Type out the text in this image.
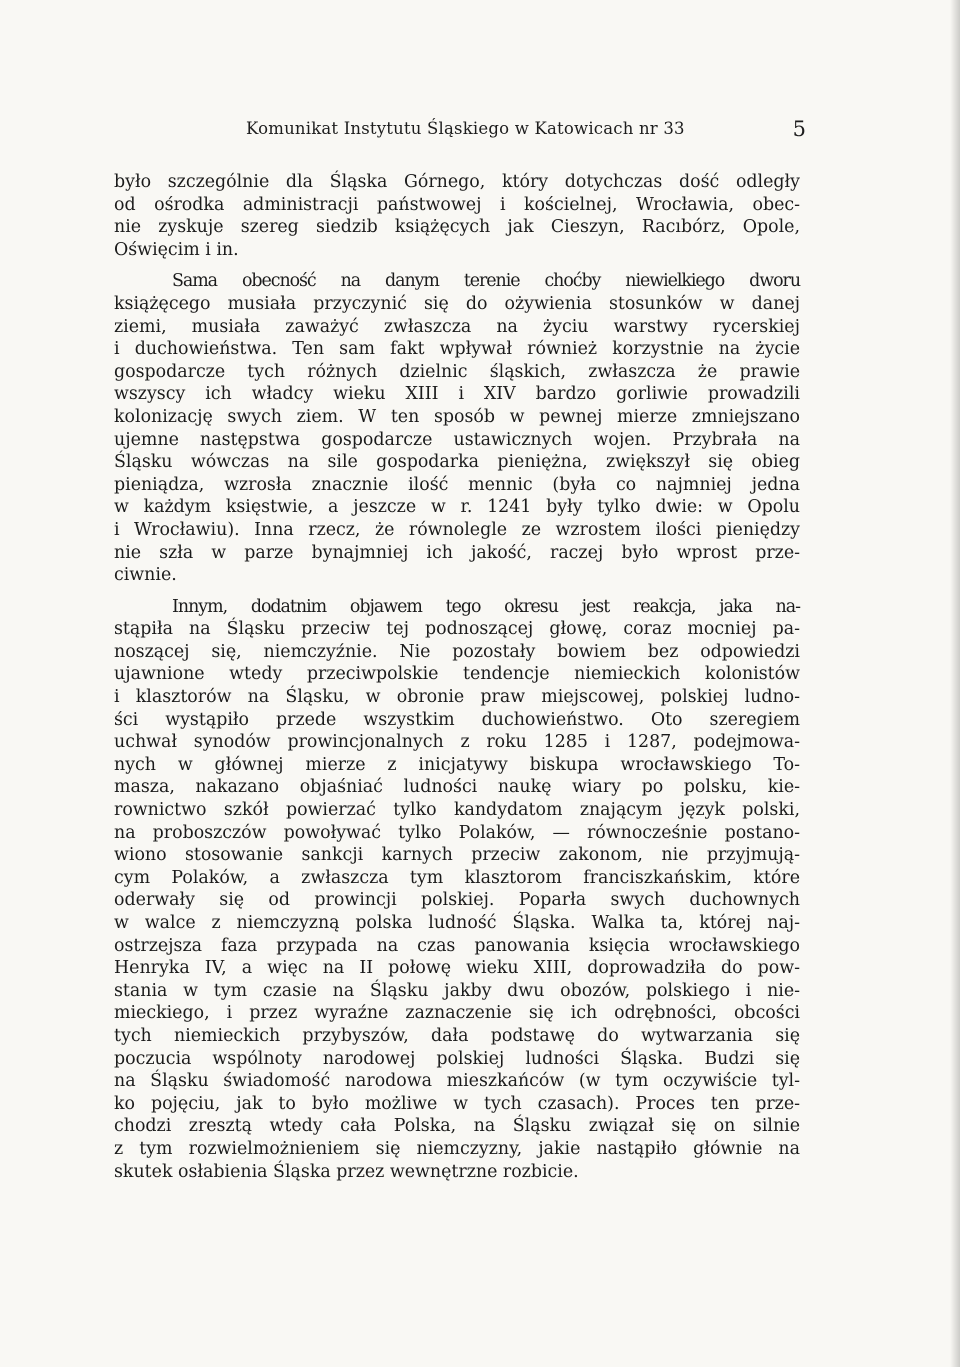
Komunikat Instytutu Śląskiego w Katowicach nr 33	5

było szczególnie dla Śląska Górnego, który dotychczas dość odległy
od ośrodka administracji państwowej i kościelnej, Wrocławia, obec-
nie zyskuje szereg siedzib książęcych jak Cieszyn, Racıbórz, Opole,
Oświęcim i in.

Sama obecność na danym terenie choćby niewielkiego dworu
książęcego musiała przyczynić się do ożywienia stosunków w danej
ziemi, musiała zaważyć zwłaszcza na życiu warstwy rycerskiej
i duchowieństwa. Ten sam fakt wpływał również korzystnie na życie
gospodarcze tych różnych dzielnic śląskich, zwłaszcza że prawie
wszyscy ich władcy wieku XIII i XIV bardzo gorliwie prowadzili
kolonizację swych ziem. W ten sposób w pewnej mierze zmniejszano
ujemne następstwa gospodarcze ustawicznych wojen. Przybrała na
Śląsku wówczas na sile gospodarka pieniężna, zwiększył się obieg
pieniądza, wzrosła znacznie ilość mennic (była co najmniej jedna
w każdym księstwie, a jeszcze w r. 1241 były tylko dwie: w Opolu
i Wrocławiu). Inna rzecz, że równolegle ze wzrostem ilości pieniędzy
nie szła w parze bynajmniej ich jakość, raczej było wprost prze-
ciwnie.

Innym, dodatnim objawem tego okresu jest reakcja, jaka na-
stąpiła na Śląsku przeciw tej podnoszącej głowę, coraz mocniej pa-
noszącej się, niemczyźnie. Nie pozostały bowiem bez odpowiedzi
ujawnione wtedy przeciwpolskie tendencje niemieckich kolonistów
i klasztorów na Śląsku, w obronie praw miejscowej, polskiej ludno-
ści wystąpiło przede wszystkim duchowieństwo. Oto szeregiem
uchwał synodów prowincjonalnych z roku 1285 i 1287, podejmowa-
nych w głównej mierze z inicjatywy biskupa wrocławskiego To-
masza, nakazano objaśniać ludności naukę wiary po polsku, kie-
rownictwo szkół powierzać tylko kandydatom znającym język polski,
na proboszczów powoływać tylko Polaków, — równocześnie postano-
wiono stosowanie sankcji karnych przeciw zakonom, nie przyjmują-
cym Polaków, a zwłaszcza tym klasztorom franciszkańskim, które
oderwały się od prowincji polskiej. Poparła swych duchownych
w walce z niemczyzną polska ludność Śląska. Walka ta, której naj-
ostrzejsza faza przypada na czas panowania księcia wrocławskiego
Henryka IV, a więc na II połowę wieku XIII, doprowadziła do pow-
stania w tym czasie na Śląsku jakby dwu obozów, polskiego i nie-
mieckiego, i przez wyraźne zaznaczenie się ich odrębności, obcości
tych niemieckich przybyszów, dała podstawę do wytwarzania się
poczucia wspólnoty narodowej polskiej ludności Śląska. Budzi się
na Śląsku świadomość narodowa mieszkańców (w tym oczywiście tyl-
ko pojęciu, jak to było możliwe w tych czasach). Proces ten prze-
chodzi zresztą wtedy cała Polska, na Śląsku związał się on silnie
z tym rozwielmożnieniem się niemczyzny, jakie nastąpiło głównie na
skutek osłabienia Śląska przez wewnętrzne rozbicie.
